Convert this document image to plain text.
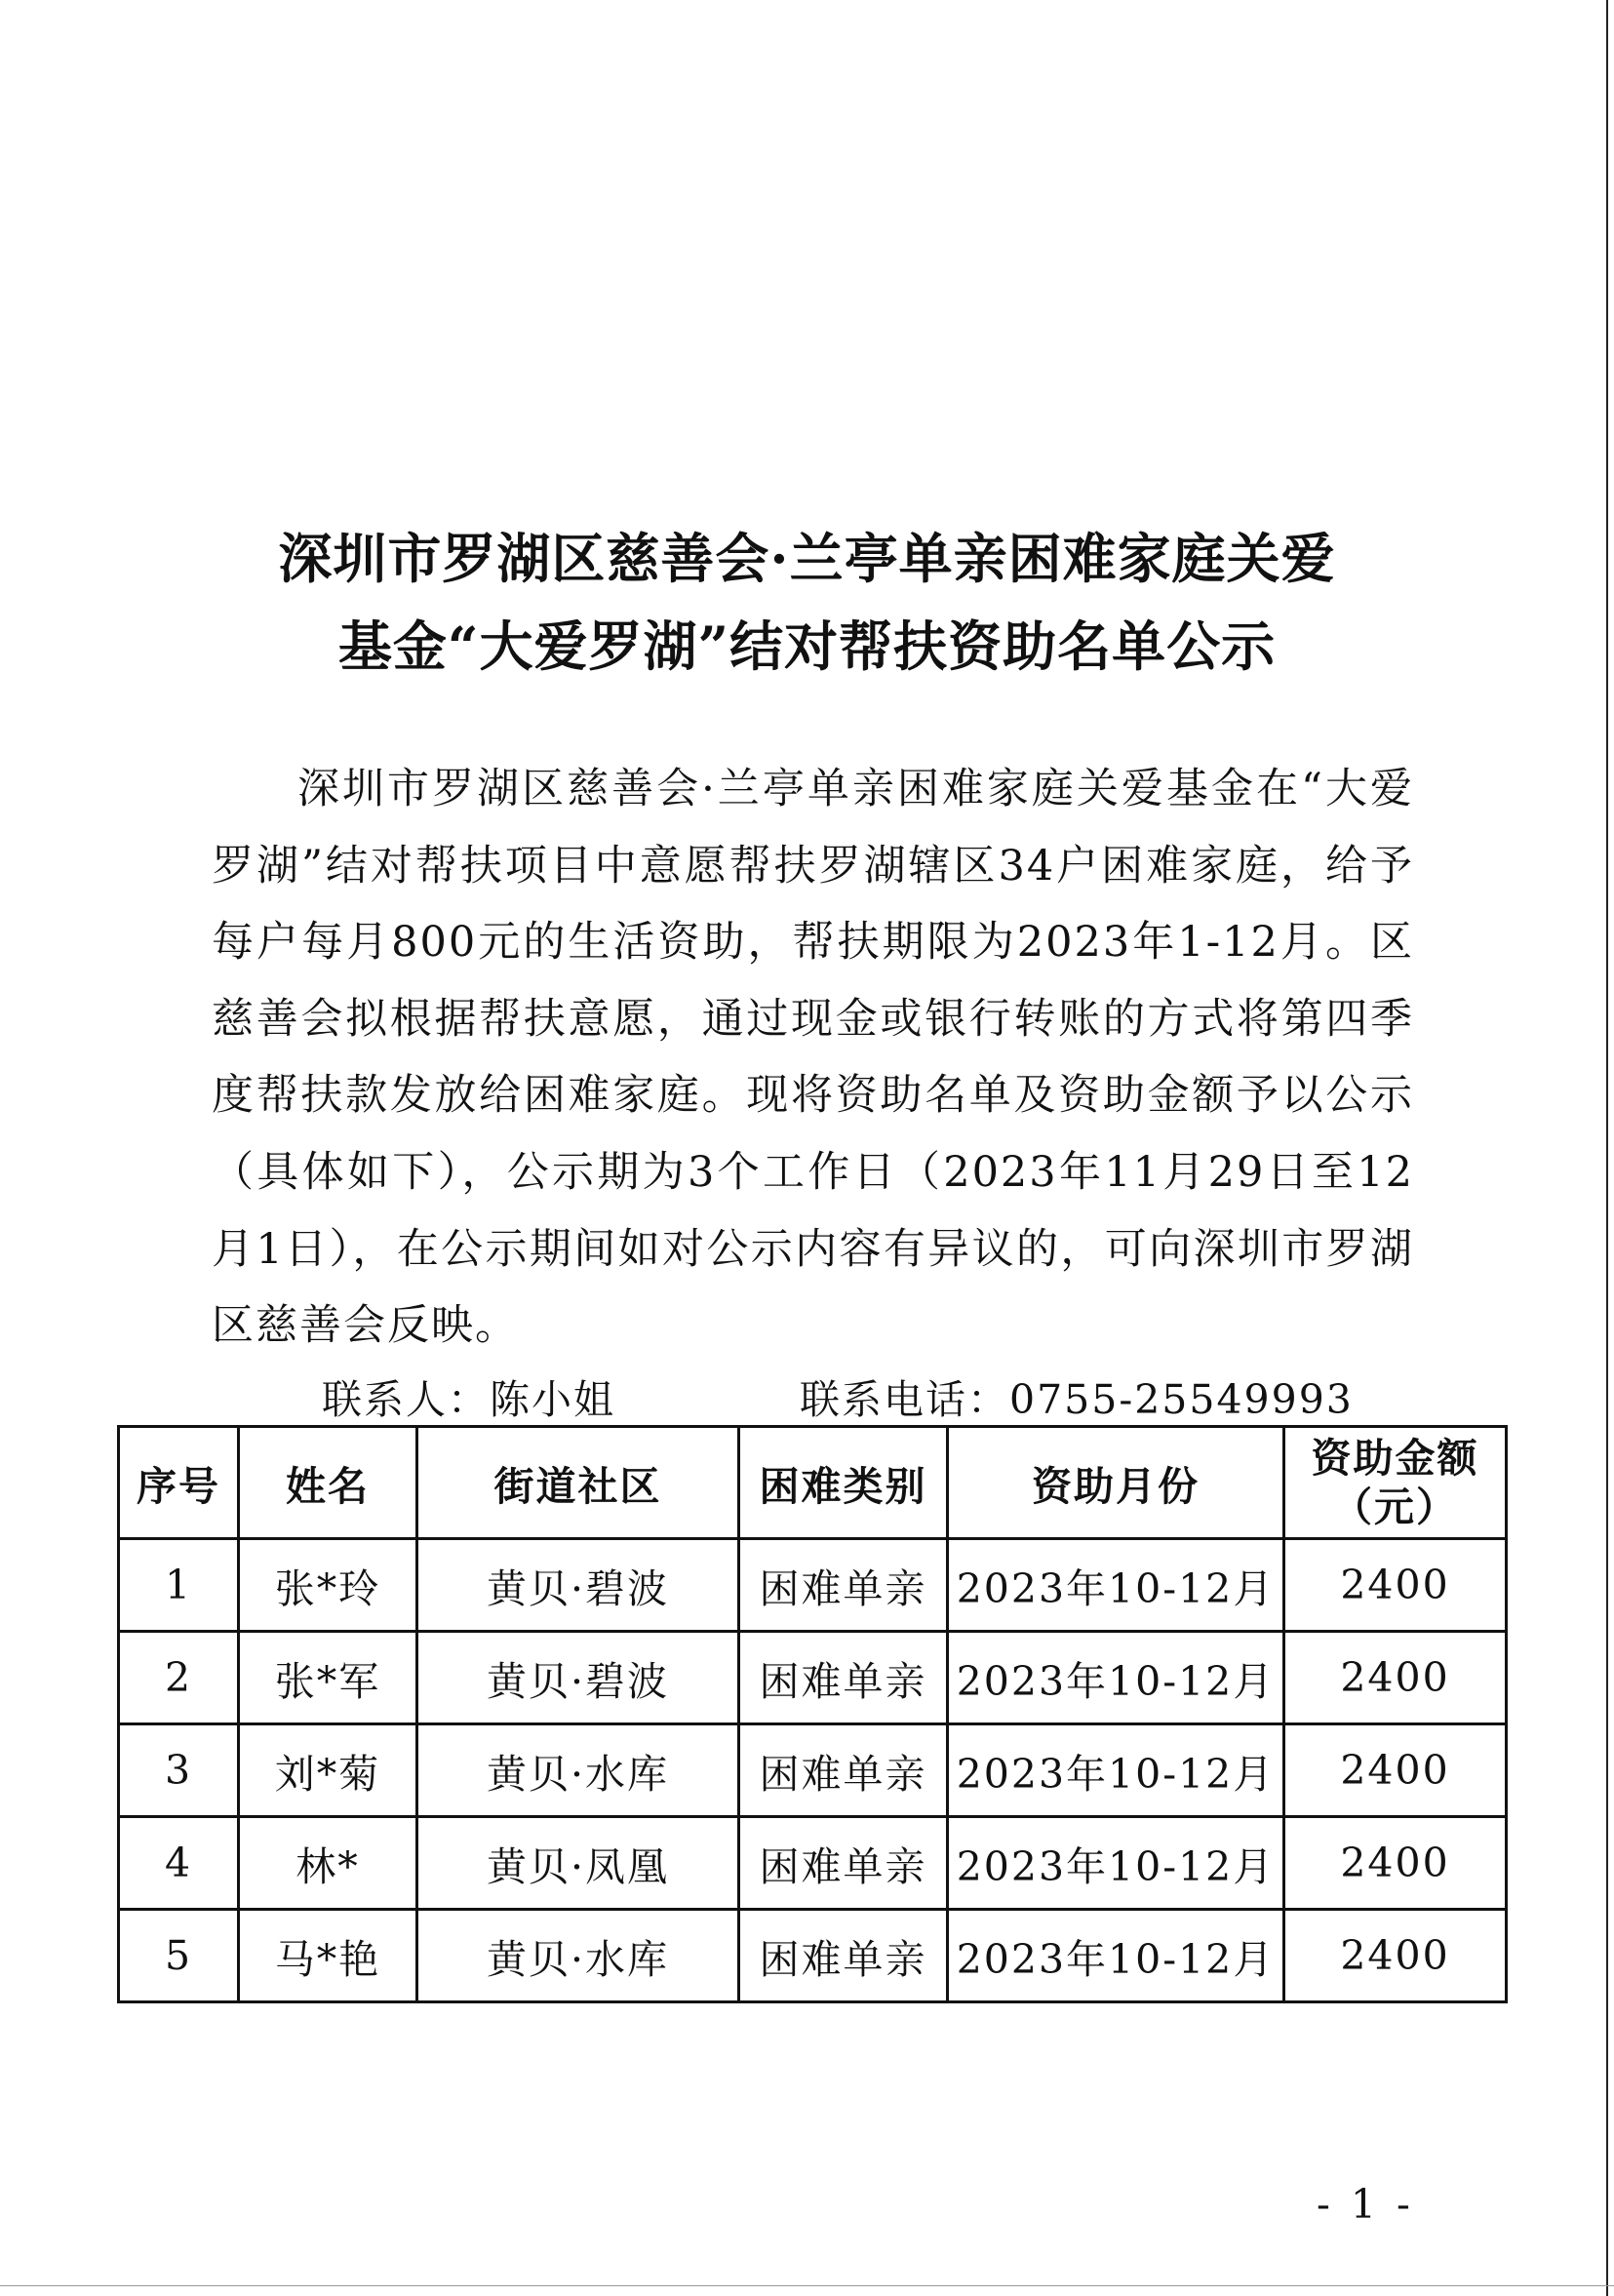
深圳市罗湖区慈善会·兰亭单亲困难家庭关爱
基金“大爱罗湖”结对帮扶资助名单公示
深圳市罗湖区慈善会·兰亭单亲困难家庭关爱基金在“大爱罗湖”结对帮扶项目中意愿帮扶罗湖辖区34户困难家庭，给予每户每月800元的生活资助，帮扶期限为2023年1-12月。区慈善会拟根据帮扶意愿，通过现金或银行转账的方式将第四季度帮扶款发放给困难家庭。现将资助名单及资助金额予以公示（具体如下），公示期为3个工作日（2023年11月29日至12月1日），在公示期间如对公示内容有异议的，可向深圳市罗湖区慈善会反映。
联系人：陈小姐	联系电话：0755-25549993
序号	姓名	街道社区	困难类别	资助月份	资助金额
（元）

1	张*玲	黄贝·碧波	困难单亲	2023年10-12月	2400
2	张*军	黄贝·碧波	困难单亲	2023年10-12月	2400
3	刘*菊	黄贝·水库	困难单亲	2023年10-12月	2400
4	林*	黄贝·凤凰	困难单亲	2023年10-12月	2400
5	马*艳	黄贝·水库	困难单亲	2023年10-12月	2400
- 1 -
